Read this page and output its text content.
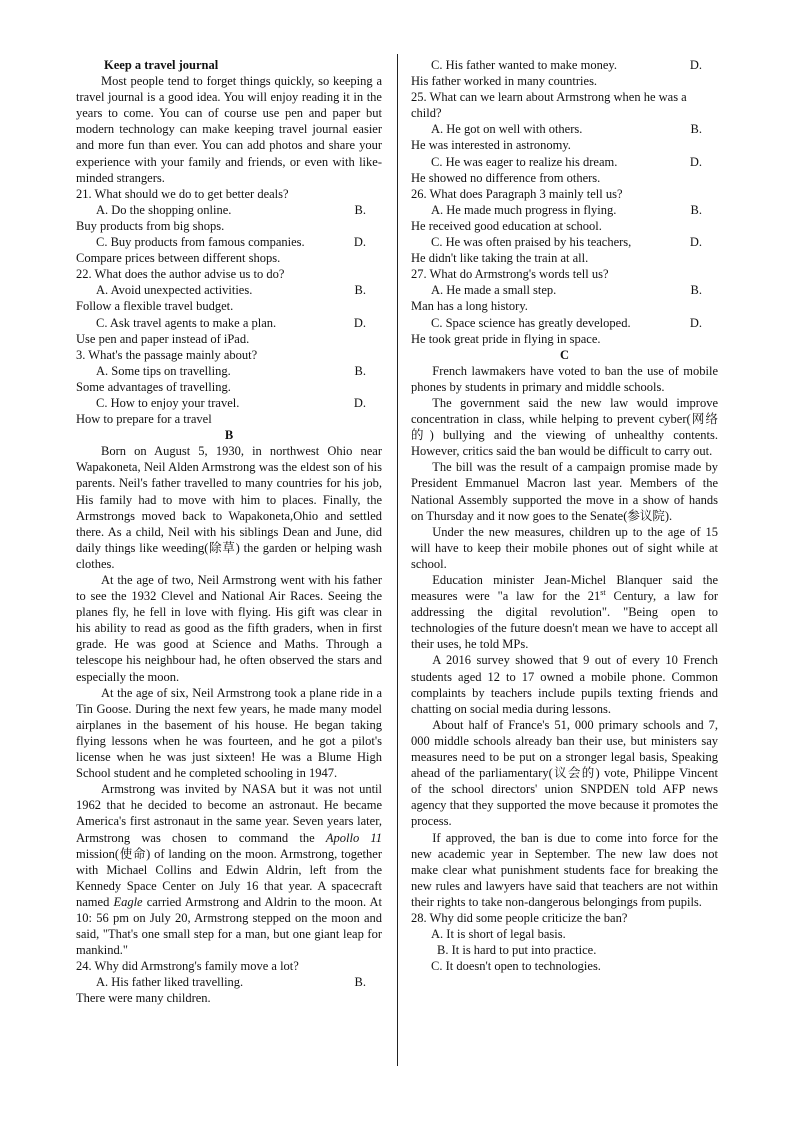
Keep a travel journal

Most people tend to forget things quickly, so keeping a travel journal is a good idea. You will enjoy reading it in the years to come. You can of course use pen and paper but modern technology can make keeping travel journal easier and more fun than ever. You can add photos and share your experience with your family and friends, or even with like-minded strangers.

21. What should we do to get better deals?

A. Do the shopping online.	B.

Buy products from big shops.

C. Buy products from famous companies.	D.

Compare prices between different shops.

22. What does the author advise us to do?

A. Avoid unexpected activities.	B.

Follow a flexible travel budget.

C. Ask travel agents to make a plan.	D.

Use pen and paper instead of iPad.

3. What's the passage mainly about?

A. Some tips on travelling.	B.

Some advantages of travelling.

C. How to enjoy your travel.	D.

How to prepare for a travel

B

Born on August 5, 1930, in northwest Ohio near Wapakoneta, Neil Alden Armstrong was the eldest son of his parents. Neil's father travelled to many countries for his job, His family had to move with him to places. Finally, the Armstrongs moved back to Wapakoneta,Ohio and settled there. As a child, Neil with his siblings Dean and June, did daily things like weeding(除草) the garden or helping wash clothes.

At the age of two, Neil Armstrong went with his father to see the 1932 Clevel and National Air Races. Seeing the planes fly, he fell in love with flying. His gift was clear in his ability to read as good as the fifth graders, when in first grade. He was good at Science and Maths. Through a telescope his neighbour had, he often observed the stars and especially the moon.

At the age of six, Neil Armstrong took a plane ride in a Tin Goose. During the next few years, he made many model airplanes in the basement of his house. He began taking flying lessons when he was fourteen, and he got a pilot's license when he was just sixteen! He was a Blume High School student and he completed schooling in 1947.

Armstrong was invited by NASA but it was not until 1962 that he decided to become an astronaut. He became America's first astronaut in the same year. Seven years later, Armstrong was chosen to command the Apollo 11 mission(使命) of landing on the moon. Armstrong, together with Michael Collins and Edwin Aldrin, left from the Kennedy Space Center on July 16 that year. A spacecraft named Eagle carried Armstrong and Aldrin to the moon. At 10: 56 pm on July 20, Armstrong stepped on the moon and said, "That's one small step for a man, but one giant leap for mankind."

24. Why did Armstrong's family move a lot?

A. His father liked travelling.	B.

There were many children.

C. His father wanted to make money.	D.

His father worked in many countries.

25. What can we learn about Armstrong when he was a child?

A. He got on well with others.	B.

He was interested in astronomy.

C. He was eager to realize his dream.	D.

He showed no difference from others.

26. What does Paragraph 3 mainly tell us?

A. He made much progress in flying.	B.

He received good education at school.

C. He was often praised by his teachers,	D.

He didn't like taking the train at all.

27. What do Armstrong's words tell us?

A. He made a small step.	B.

Man has a long history.

C. Space science has greatly developed.	D.

He took great pride in flying in space.

C

French lawmakers have voted to ban the use of mobile phones by students in primary and middle schools.

The government said the new law would improve concentration in class, while helping to prevent cyber(网络的) bullying and the viewing of unhealthy contents. However, critics said the ban would be difficult to carry out.

The bill was the result of a campaign promise made by President Emmanuel Macron last year. Members of the National Assembly supported the move in a show of hands on Thursday and it now goes to the Senate(参议院).

Under the new measures, children up to the age of 15 will have to keep their mobile phones out of sight while at school.

Education minister Jean-Michel Blanquer said the measures were "a law for the 21st Century, a law for addressing the digital revolution". "Being open to technologies of the future doesn't mean we have to accept all their uses, he told MPs.

A 2016 survey showed that 9 out of every 10 French students aged 12 to 17 owned a mobile phone. Common complaints by teachers include pupils texting friends and chatting on social media during lessons.

About half of France's 51, 000 primary schools and 7, 000 middle schools already ban their use, but ministers say measures need to be put on a stronger legal basis, Speaking ahead of the parliamentary(议会的) vote, Philippe Vincent of the school directors' union SNPDEN told AFP news agency that they supported the move because it promotes the process.

If approved, the ban is due to come into force for the new academic year in September. The new law does not make clear what punishment students face for breaking the new rules and lawyers have said that teachers are not within their rights to take non-dangerous belongings from pupils.

28. Why did some people criticize the ban?

A. It is short of legal basis.

B. It is hard to put into practice.

C. It doesn't open to technologies.
